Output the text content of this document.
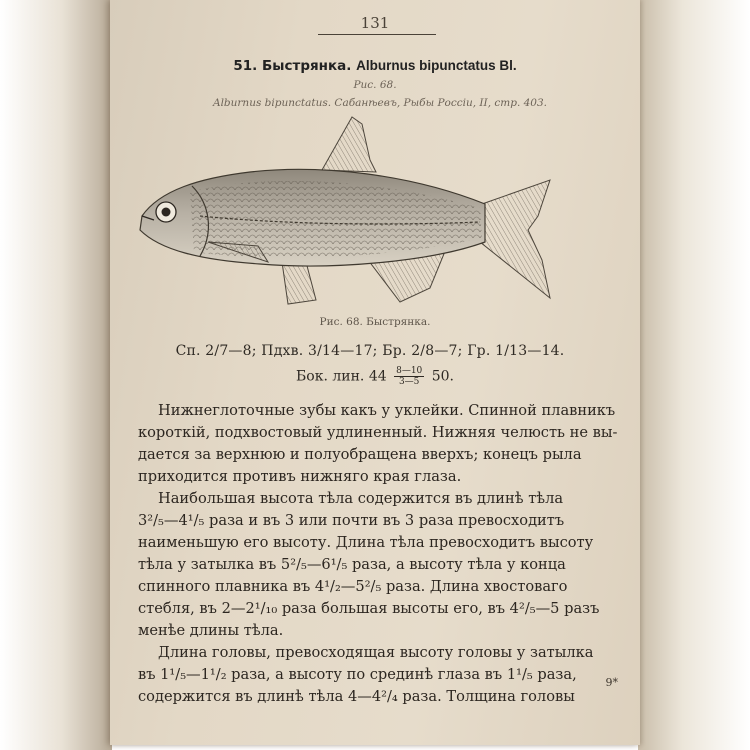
131
51. Быстрянка. Alburnus bipunctatus Bl.
Рис. 68.
Alburnus bipunctatus. Сабанѣевъ, Рыбы Россіи, II, стр. 403.
Рис. 68. Быстрянка.
Сп. 2/7—8; Пдхв. 3/14—17; Бр. 2/8—7; Гр. 1/13—14.
Бок. лин. $44 \frac{8—10}{3—5} 50$.
Нижнеглоточные зубы какъ у уклейки. Спинной плавникъ
короткій, подхвостовый удлиненный. Нижняя челюсть не вы-
дается за верхнюю и полуобращена вверхъ; конецъ рыла
приходится противъ нижняго края глаза.
Наибольшая высота тѣла содержится въ длинѣ тѣла
3²/₅—4¹/₅ раза и въ 3 или почти въ 3 раза превосходитъ
наименьшую его высоту. Длина тѣла превосходитъ высоту
тѣла у затылка въ 5²/₅—6¹/₅ раза, а высоту тѣла у конца
спинного плавника въ 4¹/₂—5²/₅ раза. Длина хвостоваго
стебля, въ 2—2¹/₁₀ раза большая высоты его, въ 4²/₅—5 разъ
менѣе длины тѣла.
Длина головы, превосходящая высоту головы у затылка
въ 1¹/₅—1¹/₂ раза, а высоту по срединѣ глаза въ 1¹/₅ раза,
содержится въ длинѣ тѣла 4—4²/₄ раза. Толщина головы
9*
